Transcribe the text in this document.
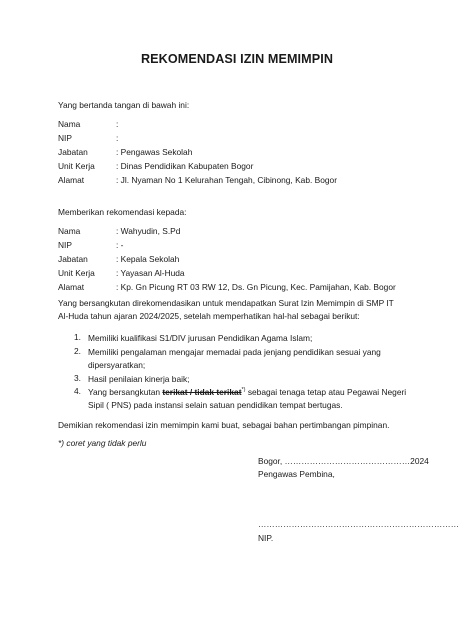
REKOMENDASI IZIN MEMIMPIN
Yang bertanda tangan di bawah ini:
Nama	:
NIP	:
Jabatan	: Pengawas Sekolah
Unit Kerja	: Dinas Pendidikan Kabupaten Bogor
Alamat	: Jl. Nyaman No 1 Kelurahan Tengah, Cibinong, Kab. Bogor
Memberikan rekomendasi kepada:
Nama	: Wahyudin, S.Pd
NIP	: -
Jabatan	: Kepala Sekolah
Unit Kerja	: Yayasan Al-Huda
Alamat	: Kp. Gn Picung RT 03 RW 12, Ds. Gn Picung, Kec. Pamijahan, Kab. Bogor
Yang bersangkutan direkomendasikan untuk mendapatkan Surat Izin Memimpin di SMP IT
Al-Huda tahun ajaran 2024/2025, setelah memperhatikan hal-hal sebagai berikut:
1. Memiliki kualifikasi S1/DIV jurusan Pendidikan Agama Islam;
2. Memiliki pengalaman mengajar memadai pada jenjang pendidikan sesuai yang
dipersyaratkan;
3. Hasil penilaian kinerja baik;
4. Yang bersangkutan terikat / tidak terikat*) sebagai tenaga tetap atau Pegawai Negeri
Sipil ( PNS) pada instansi selain satuan pendidikan tempat bertugas.
Demikian rekomendasi izin memimpin kami buat, sebagai bahan pertimbangan pimpinan.
*) coret yang tidak perlu
Bogor, ………………………………………2024
Pengawas Pembina,
………………………………………………………………
NIP.
